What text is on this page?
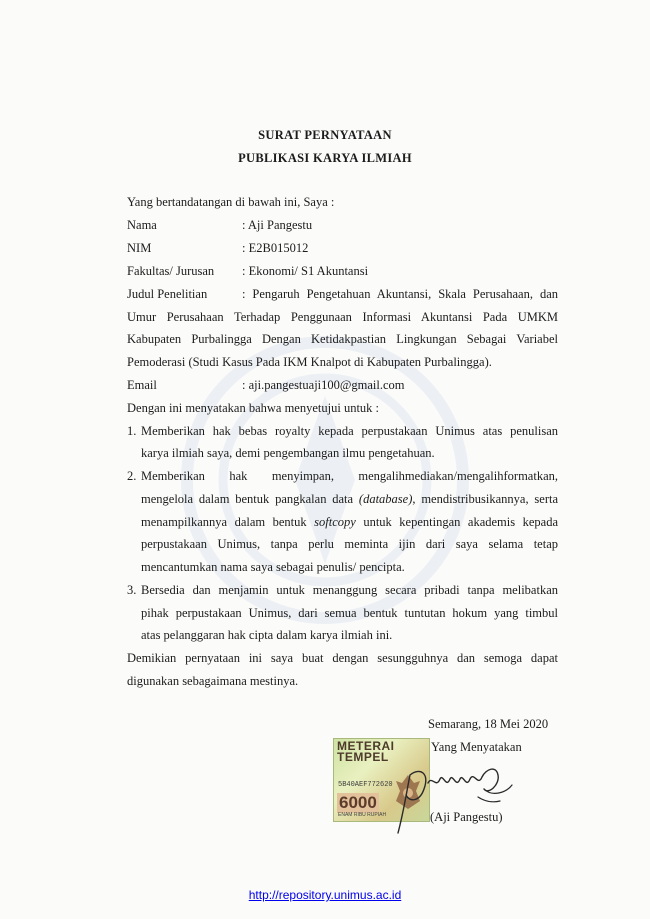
SURAT PERNYATAAN
PUBLIKASI KARYA ILMIAH
Yang bertandatangan di bawah ini, Saya :
Nama	: Aji Pangestu
NIM	: E2B015012
Fakultas/ Jurusan : Ekonomi/ S1 Akuntansi
Judul Penelitian	: Pengaruh Pengetahuan Akuntansi, Skala Perusahaan, dan
Umur Perusahaan Terhadap Penggunaan Informasi Akuntansi Pada UMKM
Kabupaten Purbalingga Dengan Ketidakpastian Lingkungan Sebagai Variabel
Pemoderasi (Studi Kasus Pada IKM Knalpot di Kabupaten Purbalingga).
Email	: aji.pangestuaji100@gmail.com
Dengan ini menyatakan bahwa menyetujui untuk :
1. Memberikan hak bebas royalty kepada perpustakaan Unimus atas penulisan
karya ilmiah saya, demi pengembangan ilmu pengetahuan.
2. Memberikan hak menyimpan, mengalihmediakan/mengalihformatkan,
mengelola dalam bentuk pangkalan data (database), mendistribusikannya, serta
menampilkannya dalam bentuk softcopy untuk kepentingan akademis kepada
perpustakaan Unimus, tanpa perlu meminta ijin dari saya selama tetap
mencantumkan nama saya sebagai penulis/ pencipta.
3. Bersedia dan menjamin untuk menanggung secara pribadi tanpa melibatkan
pihak perpustakaan Unimus, dari semua bentuk tuntutan hokum yang timbul
atas pelanggaran hak cipta dalam karya ilmiah ini.
Demikian pernyataan ini saya buat dengan sesungguhnya dan semoga dapat
digunakan sebagaimana mestinya.
Semarang, 18 Mei 2020
Yang Menyatakan
METERAI
TEMPEL
5B40AEF772620
6000
ENAM RIBU RUPIAH	(Aji Pangestu)
http://repository.unimus.ac.id
